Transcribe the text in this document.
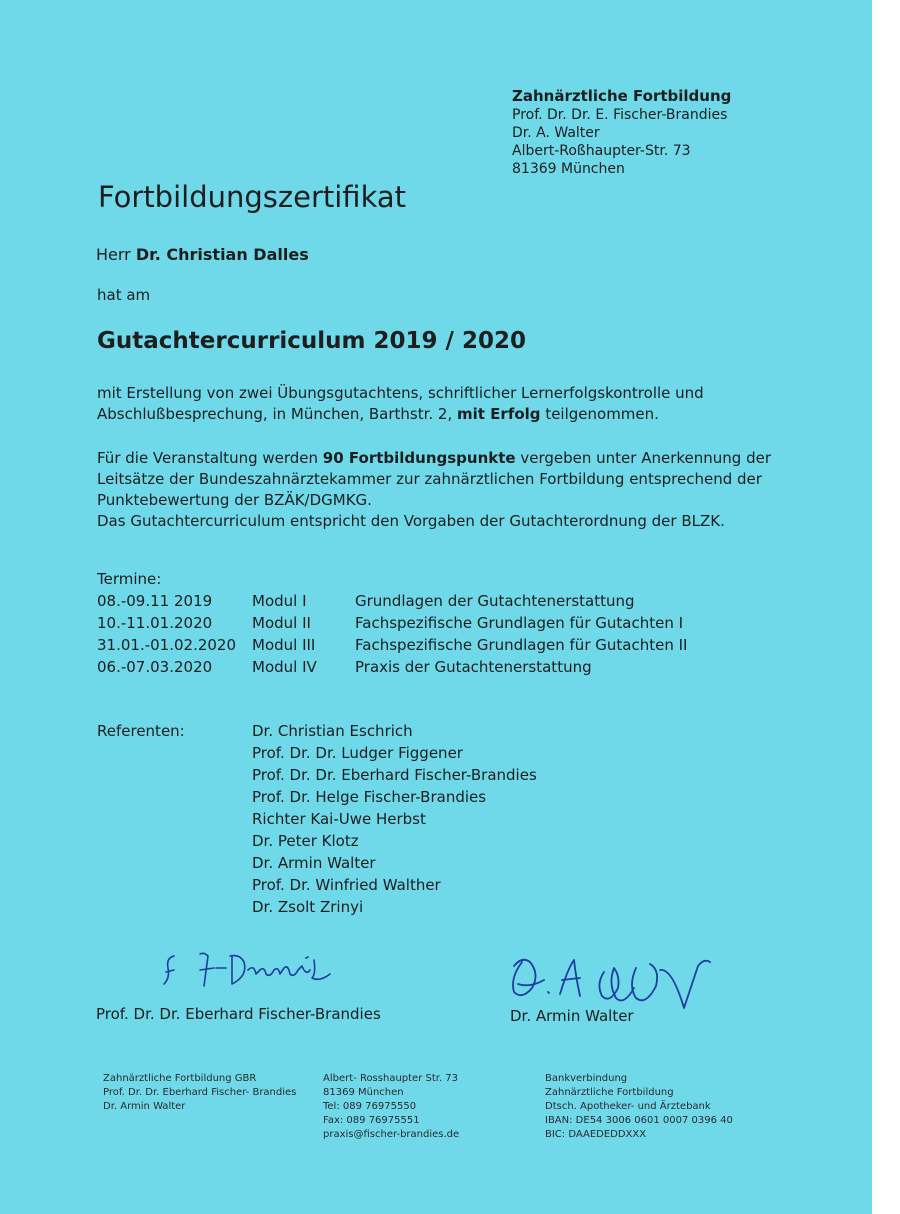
Zahnärztliche Fortbildung
Prof. Dr. Dr. E. Fischer-Brandies
Dr. A. Walter
Albert-Roßhaupter-Str. 73
81369 München
Fortbildungszertifikat
Herr Dr. Christian Dalles
hat am
Gutachtercurriculum 2019 / 2020
mit Erstellung von zwei Übungsgutachtens, schriftlicher Lernerfolgskontrolle und
Abschlußbesprechung, in München, Barthstr. 2, mit Erfolg teilgenommen.
Für die Veranstaltung werden 90 Fortbildungspunkte vergeben unter Anerkennung der
Leitsätze der Bundeszahnärztekammer zur zahnärztlichen Fortbildung entsprechend der
Punktebewertung der BZÄK/DGMKG.
Das Gutachtercurriculum entspricht den Vorgaben der Gutachterordnung der BLZK.
Termine:
08.-09.11 2019	Modul I	Grundlagen der Gutachtenerstattung
10.-11.01.2020	Modul II	Fachspezifische Grundlagen für Gutachten I
31.01.-01.02.2020 Modul III	Fachspezifische Grundlagen für Gutachten II
06.-07.03.2020	Modul IV	Praxis der Gutachtenerstattung
Referenten:	Dr. Christian Eschrich
Prof. Dr. Dr. Ludger Figgener
Prof. Dr. Dr. Eberhard Fischer-Brandies
Prof. Dr. Helge Fischer-Brandies
Richter Kai-Uwe Herbst
Dr. Peter Klotz
Dr. Armin Walter
Prof. Dr. Winfried Walther
Dr. Zsolt Zrinyi
Prof. Dr. Dr. Eberhard Fischer-Brandies	Dr. Armin Walter
Zahnärztliche Fortbildung GBR
Prof. Dr. Dr. Eberhard Fischer- Brandies
Dr. Armin Walter
Albert- Rosshaupter Str. 73
81369 München
Tel: 089 76975550
Fax: 089 76975551
praxis@fischer-brandies.de
Bankverbindung
Zahnärztliche Fortbildung
Dtsch. Apotheker- und Ärztebank
IBAN: DE54 3006 0601 0007 0396 40
BIC: DAAEDEDDXXX
